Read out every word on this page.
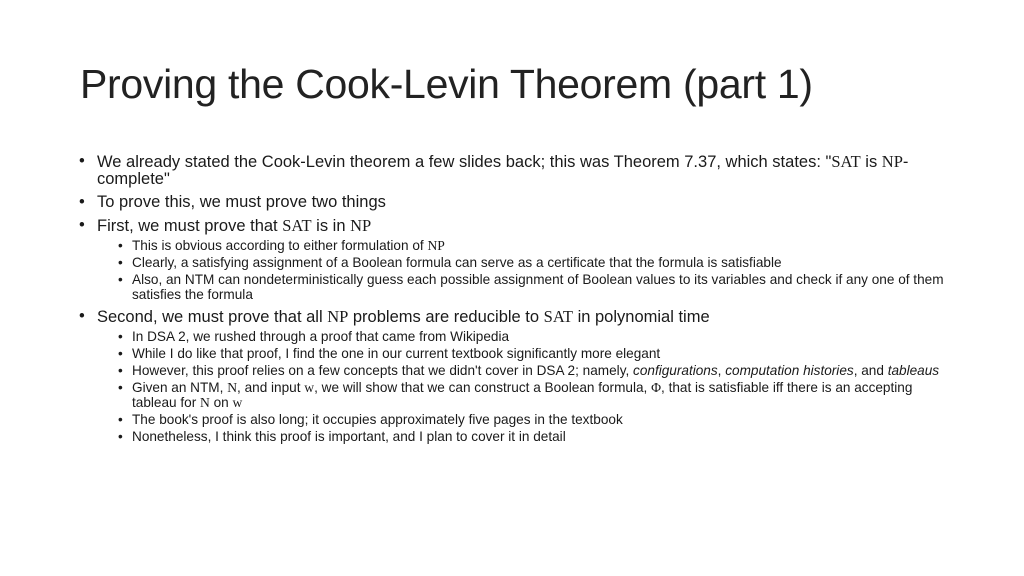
Proving the Cook-Levin Theorem (part 1)
• We already stated the Cook-Levin theorem a few slides back; this was Theorem 7.37, which states: "SAT is NP-complete"
• To prove this, we must prove two things
• First, we must prove that SAT is in NP
• This is obvious according to either formulation of NP
• Clearly, a satisfying assignment of a Boolean formula can serve as a certificate that the formula is satisfiable
• Also, an NTM can nondeterministically guess each possible assignment of Boolean values to its variables and check if any one of them satisfies the formula
• Second, we must prove that all NP problems are reducible to SAT in polynomial time
• In DSA 2, we rushed through a proof that came from Wikipedia
• While I do like that proof, I find the one in our current textbook significantly more elegant
• However, this proof relies on a few concepts that we didn't cover in DSA 2; namely, configurations, computation histories, and tableaus
• Given an NTM, N, and input w, we will show that we can construct a Boolean formula, Φ, that is satisfiable iff there is an accepting tableau for N on w
• The book's proof is also long; it occupies approximately five pages in the textbook
• Nonetheless, I think this proof is important, and I plan to cover it in detail
